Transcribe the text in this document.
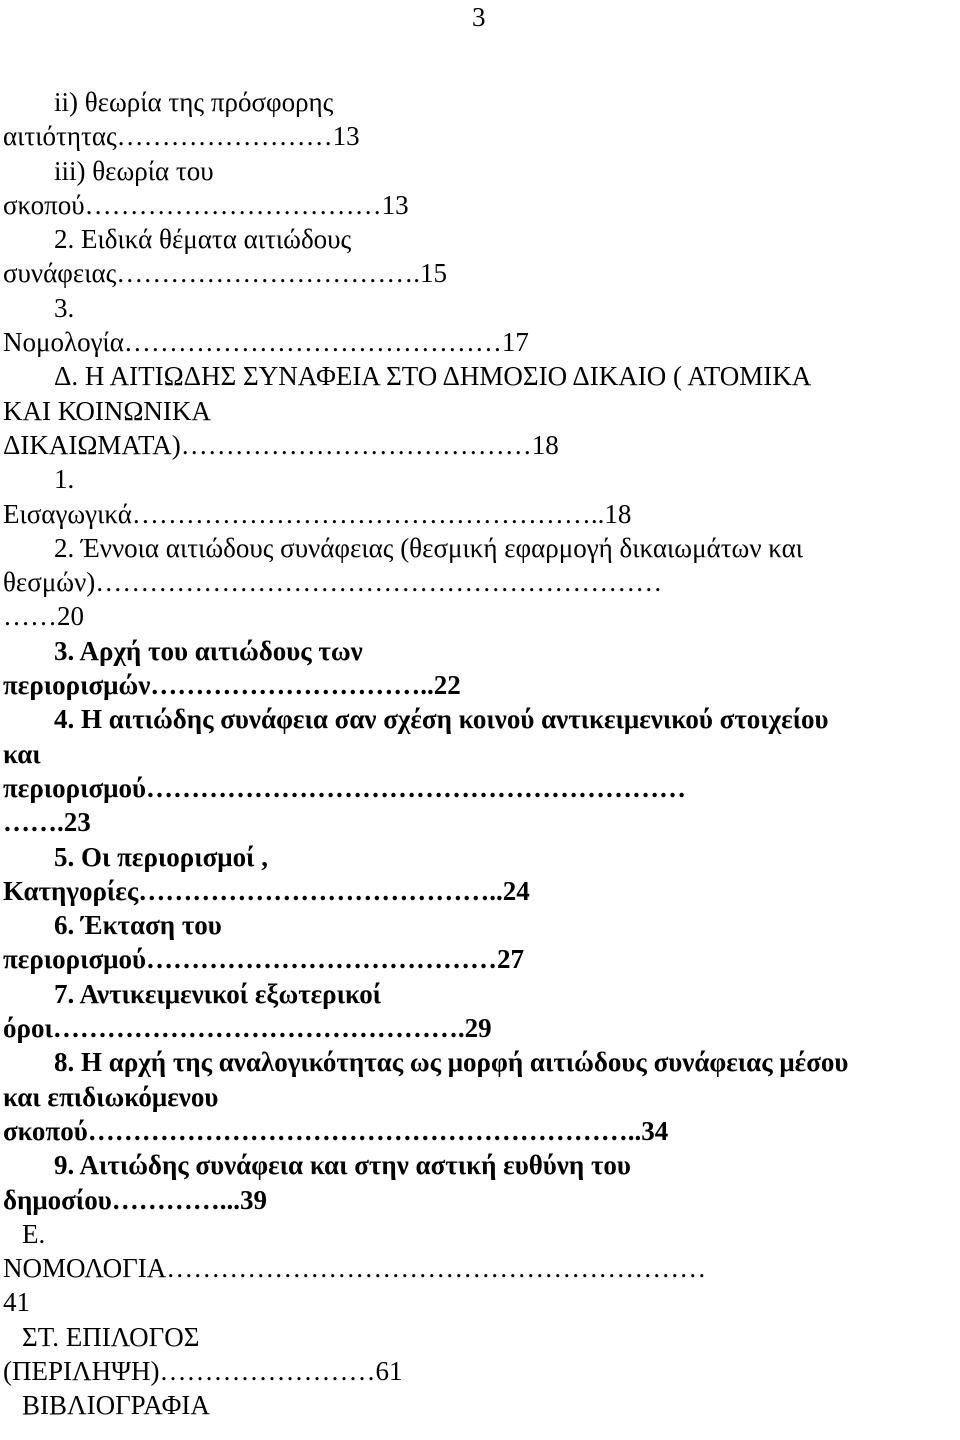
3
ii) θεωρία της πρόσφορης
αιτιότητας……………………13
iii) θεωρία του
σκοπού……………………………13
2. Ειδικά θέματα αιτιώδους
συνάφειας…………………………….15
3.
Νομολογία……………………………………17
Δ. Η ΑΙΤΙΩΔΗΣ ΣΥΝΑΦΕΙΑ ΣΤΟ ΔΗΜΟΣΙΟ ΔΙΚΑΙΟ ( ΑΤΟΜΙΚΑ
ΚΑΙ ΚΟΙΝΩΝΙΚΑ
ΔΙΚΑΙΩΜΑΤΑ)…………………………………18
1.
Εισαγωγικά……………………………………………..18
2. Έννοια αιτιώδους συνάφειας (θεσμική εφαρμογή δικαιωμάτων και
θεσμών)………………………………………………………
……20
3. Αρχή του αιτιώδους των
περιορισμών…………………………..22
4. Η αιτιώδης συνάφεια σαν σχέση κοινού αντικειμενικού στοιχείου
και
περιορισμού……………………………………………………
…….23
5. Οι περιορισμοί ,
Κατηγορίες…………………………………..24
6. Έκταση του
περιορισμού…………………………………27
7. Αντικειμενικοί εξωτερικοί
όροι……………………………………….29
8. Η αρχή της αναλογικότητας ως μορφή αιτιώδους συνάφειας μέσου
και επιδιωκόμενου
σκοπού……………………………………………………..34
9. Αιτιώδης συνάφεια και στην αστική ευθύνη του
δημοσίου…………...39
Ε.
ΝΟΜΟΛΟΓΙΑ……………………………………………………
41
ΣΤ. ΕΠΙΛΟΓΟΣ
(ΠΕΡΙΛΗΨΗ)……………………61
ΒΙΒΛΙΟΓΡΑΦΙΑ
